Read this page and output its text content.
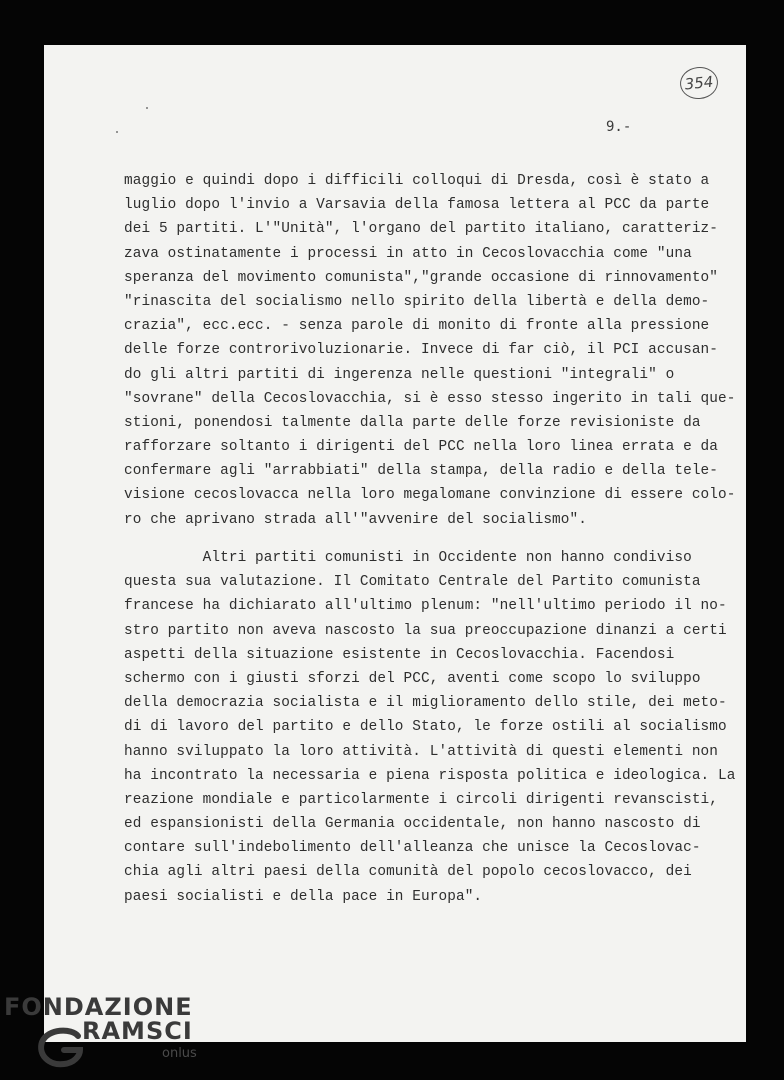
354
9.-
maggio e quindi dopo i difficili colloqui di Dresda, così è stato a
luglio dopo l'invio a Varsavia della famosa lettera al PCC da parte
dei 5 partiti. L'"Unità", l'organo del partito italiano, caratteriz-
zava ostinatamente i processi in atto in Cecoslovacchia come "una
speranza del movimento comunista","grande occasione di rinnovamento"
"rinascita del socialismo nello spirito della libertà e della demo-
crazia", ecc.ecc. - senza parole di monito di fronte alla pressione
delle forze controrivoluzionarie. Invece di far ciò, il PCI accusan-
do gli altri partiti di ingerenza nelle questioni "integrali" o
"sovrane" della Cecoslovacchia, si è esso stesso ingerito in tali que-
stioni, ponendosi talmente dalla parte delle forze revisioniste da
rafforzare soltanto i dirigenti del PCC nella loro linea errata e da
confermare agli "arrabbiati" della stampa, della radio e della tele-
visione cecoslovacca nella loro megalomane convinzione di essere colo-
ro che aprivano strada all'"avvenire del socialismo".
Altri partiti comunisti in Occidente non hanno condiviso
questa sua valutazione. Il Comitato Centrale del Partito comunista
francese ha dichiarato all'ultimo plenum: "nell'ultimo periodo il no-
stro partito non aveva nascosto la sua preoccupazione dinanzi a certi
aspetti della situazione esistente in Cecoslovacchia. Facendosi
schermo con i giusti sforzi del PCC, aventi come scopo lo sviluppo
della democrazia socialista e il miglioramento dello stile, dei meto-
di di lavoro del partito e dello Stato, le forze ostili al socialismo
hanno sviluppato la loro attività. L'attività di questi elementi non
ha incontrato la necessaria e piena risposta politica e ideologica. La
reazione mondiale e particolarmente i circoli dirigenti revanscisti,
ed espansionisti della Germania occidentale, non hanno nascosto di
contare sull'indebolimento dell'alleanza che unisce la Cecoslovac-
chia agli altri paesi della comunità del popolo cecoslovacco, dei
paesi socialisti e della pace in Europa".
FONDAZIONE
RAMSCI
onlus
